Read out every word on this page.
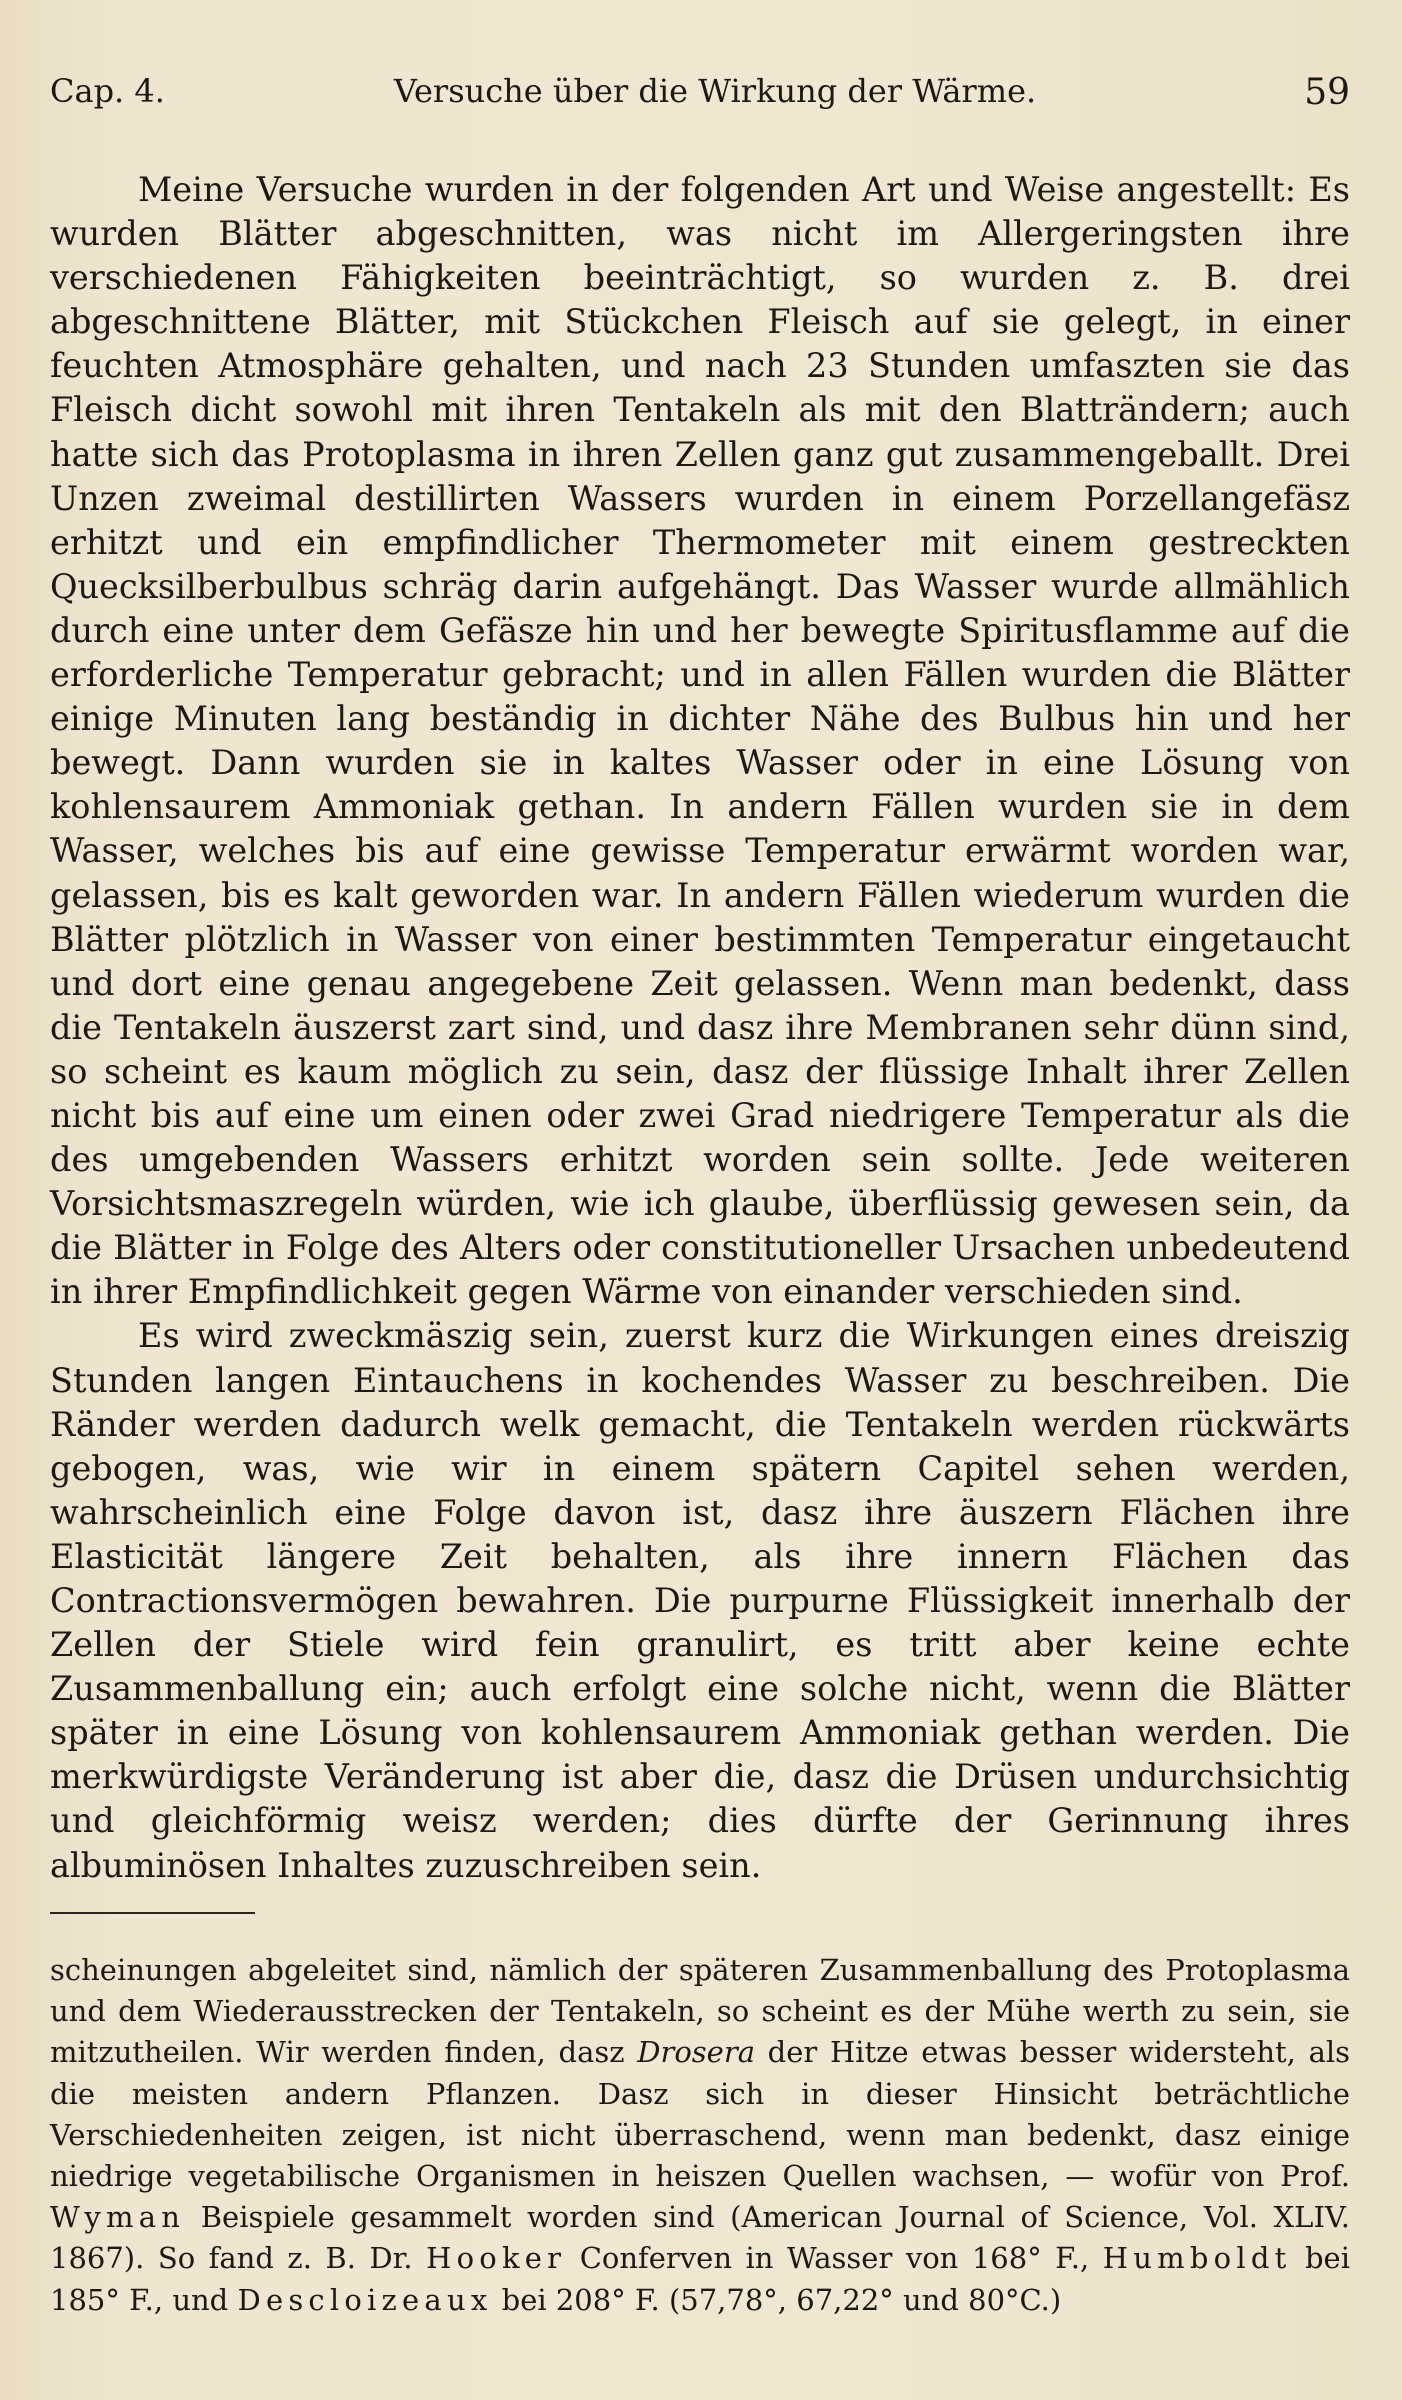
Cap. 4.	Versuche über die Wirkung der Wärme.	59

Meine Versuche wurden in der folgenden Art und Weise angestellt: Es wurden Blätter abgeschnitten, was nicht im Allergeringsten ihre verschiedenen Fähigkeiten beeinträchtigt, so wurden z. B. drei abgeschnittene Blätter, mit Stückchen Fleisch auf sie gelegt, in einer feuchten Atmosphäre gehalten, und nach 23 Stunden umfaszten sie das Fleisch dicht sowohl mit ihren Tentakeln als mit den Blatträndern; auch hatte sich das Protoplasma in ihren Zellen ganz gut zusammengeballt. Drei Unzen zweimal destillirten Wassers wurden in einem Porzellangefäsz erhitzt und ein empfindlicher Thermometer mit einem gestreckten Quecksilberbulbus schräg darin aufgehängt. Das Wasser wurde allmählich durch eine unter dem Gefäsze hin und her bewegte Spiritusflamme auf die erforderliche Temperatur gebracht; und in allen Fällen wurden die Blätter einige Minuten lang beständig in dichter Nähe des Bulbus hin und her bewegt. Dann wurden sie in kaltes Wasser oder in eine Lösung von kohlensaurem Ammoniak gethan. In andern Fällen wurden sie in dem Wasser, welches bis auf eine gewisse Temperatur erwärmt worden war, gelassen, bis es kalt geworden war. In andern Fällen wiederum wurden die Blätter plötzlich in Wasser von einer bestimmten Temperatur eingetaucht und dort eine genau angegebene Zeit gelassen. Wenn man bedenkt, dass die Tentakeln äuszerst zart sind, und dasz ihre Membranen sehr dünn sind, so scheint es kaum möglich zu sein, dasz der flüssige Inhalt ihrer Zellen nicht bis auf eine um einen oder zwei Grad niedrigere Temperatur als die des umgebenden Wassers erhitzt worden sein sollte. Jede weiteren Vorsichtsmaszregeln würden, wie ich glaube, überflüssig gewesen sein, da die Blätter in Folge des Alters oder constitutioneller Ursachen unbedeutend in ihrer Empfindlichkeit gegen Wärme von einander verschieden sind.

Es wird zweckmäszig sein, zuerst kurz die Wirkungen eines dreiszig Stunden langen Eintauchens in kochendes Wasser zu beschreiben. Die Ränder werden dadurch welk gemacht, die Tentakeln werden rückwärts gebogen, was, wie wir in einem spätern Capitel sehen werden, wahrscheinlich eine Folge davon ist, dasz ihre äuszern Flächen ihre Elasticität längere Zeit behalten, als ihre innern Flächen das Contractionsvermögen bewahren. Die purpurne Flüssigkeit innerhalb der Zellen der Stiele wird fein granulirt, es tritt aber keine echte Zusammenballung ein; auch erfolgt eine solche nicht, wenn die Blätter später in eine Lösung von kohlensaurem Ammoniak gethan werden. Die merkwürdigste Veränderung ist aber die, dasz die Drüsen undurchsichtig und gleichförmig weisz werden; dies dürfte der Gerinnung ihres albuminösen Inhaltes zuzuschreiben sein.

scheinungen abgeleitet sind, nämlich der späteren Zusammenballung des Protoplasma und dem Wiederausstrecken der Tentakeln, so scheint es der Mühe werth zu sein, sie mitzutheilen. Wir werden finden, dasz Drosera der Hitze etwas besser widersteht, als die meisten andern Pflanzen. Dasz sich in dieser Hinsicht beträchtliche Verschiedenheiten zeigen, ist nicht überraschend, wenn man bedenkt, dasz einige niedrige vegetabilische Organismen in heiszen Quellen wachsen, — wofür von Prof. Wyman Beispiele gesammelt worden sind (American Journal of Science, Vol. XLIV. 1867). So fand z. B. Dr. Hooker Conferven in Wasser von 168° F., Humboldt bei 185° F., und Descloizeaux bei 208° F. (57,78°, 67,22° und 80°C.)
